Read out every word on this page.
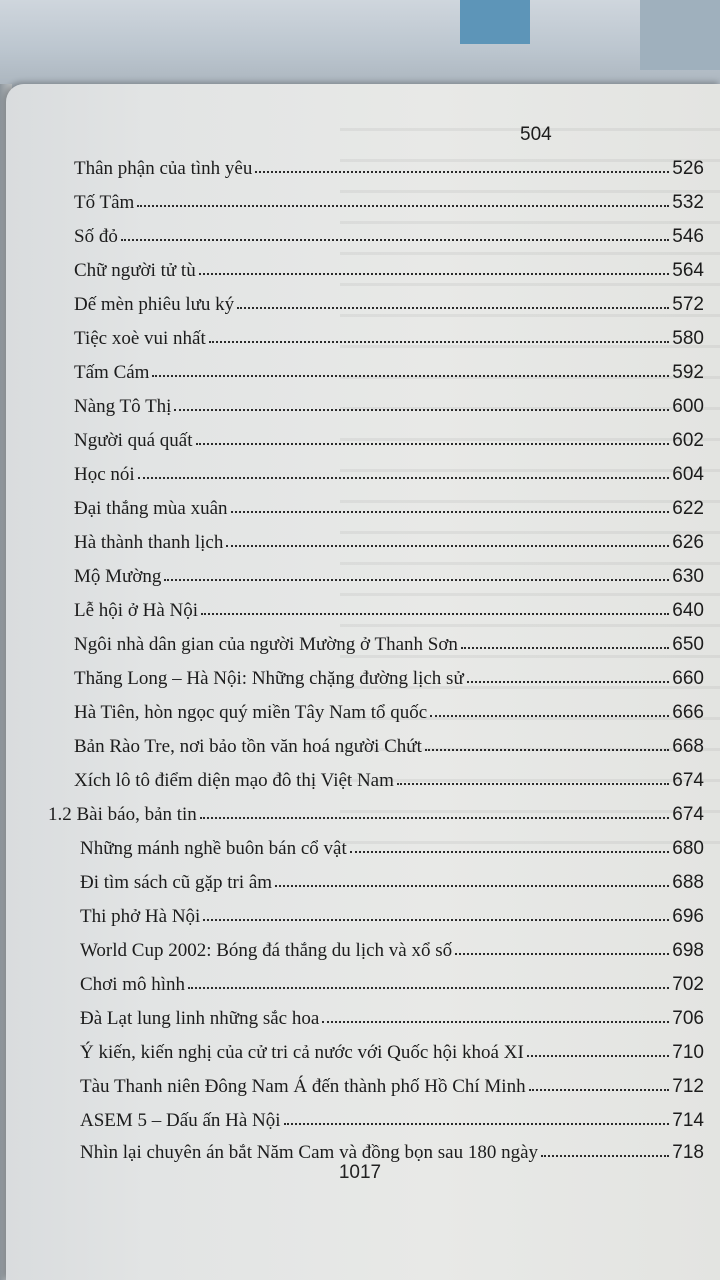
504
Thân phận của tình yêu	526
Tố Tâm	532
Số đỏ	546
Chữ người tử tù	564
Dế mèn phiêu lưu ký	572
Tiệc xoè vui nhất	580
Tấm Cám	592
Nàng Tô Thị	600
Người quá quất	602
Học nói	604
Đại thắng mùa xuân	622
Hà thành thanh lịch	626
Mộ Mường	630
Lễ hội ở Hà Nội	640
Ngôi nhà dân gian của người Mường ở Thanh Sơn	650
Thăng Long – Hà Nội: Những chặng đường lịch sử	660
Hà Tiên, hòn ngọc quý miền Tây Nam tổ quốc	666
Bản Rào Tre, nơi bảo tồn văn hoá người Chứt	668
Xích lô tô điểm diện mạo đô thị Việt Nam	674
1.2 Bài báo, bản tin	674
Những mánh nghề buôn bán cổ vật	680
Đi tìm sách cũ gặp tri âm	688
Thi phở Hà Nội	696
World Cup 2002: Bóng đá thắng du lịch và xổ số	698
Chơi mô hình	702
Đà Lạt lung linh những sắc hoa	706
Ý kiến, kiến nghị của cử tri cả nước với Quốc hội khoá XI	710
Tàu Thanh niên Đông Nam Á đến thành phố Hồ Chí Minh	712
ASEM 5 – Dấu ấn Hà Nội	714
Nhìn lại chuyên án bắt Năm Cam và đồng bọn sau 180 ngày	718
1017
